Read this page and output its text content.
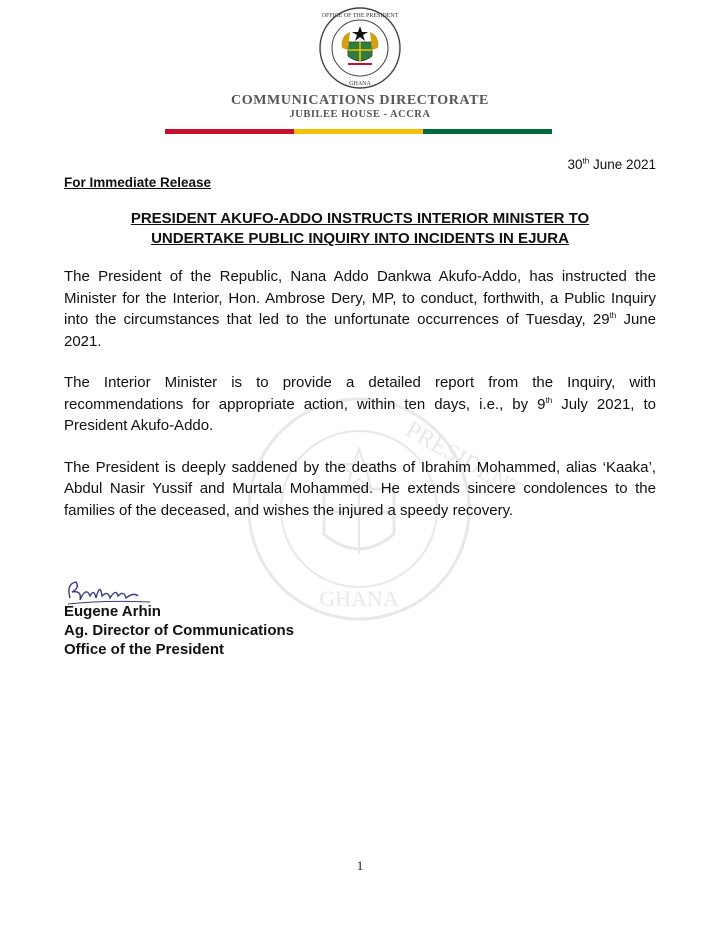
OFFICE OF THE PRESIDENT
GHANA
COMMUNICATIONS DIRECTORATE
JUBILEE HOUSE - ACCRA
30th June 2021
For Immediate Release
PRESIDENT AKUFO-ADDO INSTRUCTS INTERIOR MINISTER TO
UNDERTAKE PUBLIC INQUIRY INTO INCIDENTS IN EJURA
PRESIDENT
GHANA

The President of the Republic, Nana Addo Dankwa Akufo-Addo, has instructed the Minister for the Interior, Hon. Ambrose Dery, MP, to conduct, forthwith, a Public Inquiry into the circumstances that led to the unfortunate occurrences of Tuesday, 29th June 2021.

The Interior Minister is to provide a detailed report from the Inquiry, with recommendations for appropriate action, within ten days, i.e., by 9th July 2021, to President Akufo-Addo.

The President is deeply saddened by the deaths of Ibrahim Mohammed, alias ‘Kaaka’, Abdul Nasir Yussif and Murtala Mohammed. He extends sincere condolences to the families of the deceased, and wishes the injured a speedy recovery.

Eugene Arhin
Ag. Director of Communications
Office of the President
1
